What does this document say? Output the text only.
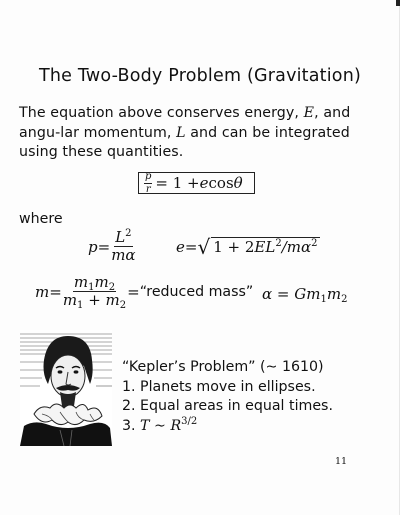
The Two-Body Problem (Gravitation)
The equation above conserves energy, E, and angu-lar momentum, L and can be integrated using these quantities.
$\frac{p}{r} = 1 + e$ cos θ
where
$p = \frac{L^2}{m\alpha}$	e = √ $1 + 2EL^2/m\alpha^2$
$m = \frac{m_1m_2}{m_1 + m_2}$ = “reduced mass” $\alpha = Gm_1m_2$
“Kepler’s Problem” (∼ 1610)
1. Planets move in ellipses.
2. Equal areas in equal times.
3. T ∼ $R^{3/2}$
11
